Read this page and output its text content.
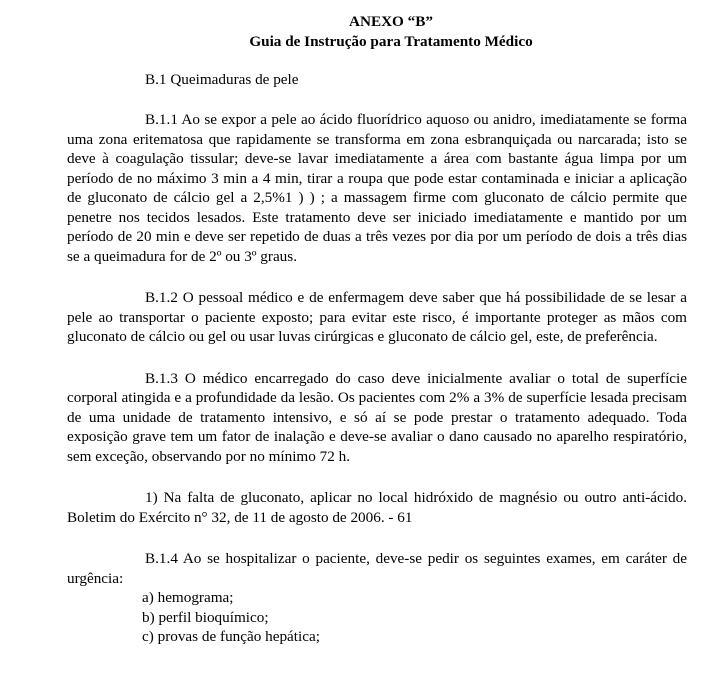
ANEXO “B”

Guia de Instrução para Tratamento Médico

B.1 Queimaduras de pele

B.1.1 Ao se expor a pele ao ácido fluorídrico aquoso ou anidro, imediatamente se forma uma zona eritematosa que rapidamente se transforma em zona esbranquiçada ou narcarada; isto se deve à coagulação tissular; deve-se lavar imediatamente a área com bastante água limpa por um período de no máximo 3 min a 4 min, tirar a roupa que pode estar contaminada e iniciar a aplicação de gluconato de cálcio gel a 2,5%1 ) ) ; a massagem firme com gluconato de cálcio permite que penetre nos tecidos lesados. Este tratamento deve ser iniciado imediatamente e mantido por um período de 20 min e deve ser repetido de duas a três vezes por dia por um período de dois a três dias se a queimadura for de 2º ou 3º graus.

B.1.2 O pessoal médico e de enfermagem deve saber que há possibilidade de se lesar a pele ao transportar o paciente exposto; para evitar este risco, é importante proteger as mãos com gluconato de cálcio ou gel ou usar luvas cirúrgicas e gluconato de cálcio gel, este, de preferência.

B.1.3 O médico encarregado do caso deve inicialmente avaliar o total de superfície corporal atingida e a profundidade da lesão. Os pacientes com 2% a 3% de superfície lesada precisam de uma unidade de tratamento intensivo, e só aí se pode prestar o tratamento adequado. Toda exposição grave tem um fator de inalação e deve-se avaliar o dano causado no aparelho respiratório, sem exceção, observando por no mínimo 72 h.

1) Na falta de gluconato, aplicar no local hidróxido de magnésio ou outro anti-ácido. Boletim do Exército n° 32, de 11 de agosto de 2006. - 61

B.1.4 Ao se hospitalizar o paciente, deve-se pedir os seguintes exames, em caráter de urgência:

a) hemograma;
b) perfil bioquímico;
c) provas de função hepática;
